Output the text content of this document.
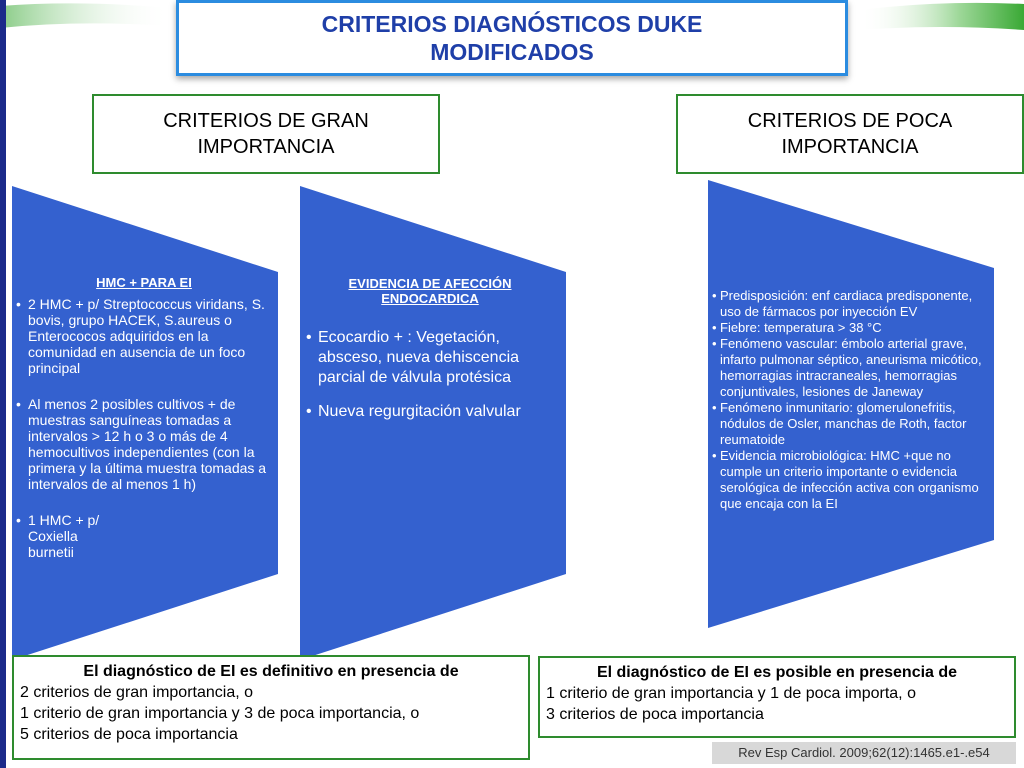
CRITERIOS DIAGNÓSTICOS DUKE MODIFICADOS
CRITERIOS DE GRAN IMPORTANCIA
CRITERIOS DE POCA IMPORTANCIA
HMC + PARA EI
• 2 HMC + p/ Streptococcus viridans, S. bovis, grupo HACEK, S.aureus o Enterococos adquiridos en la comunidad en ausencia de un foco principal
• Al menos 2 posibles cultivos + de muestras sanguíneas tomadas a intervalos > 12 h o 3 o más de 4 hemocultivos independientes (con la primera y la última muestra tomadas a intervalos de al menos 1 h)
• 1 HMC + p/ Coxiella burnetii
EVIDENCIA DE AFECCIÓN ENDOCARDICA
• Ecocardio + : Vegetación, absceso, nueva dehiscencia parcial de válvula protésica
• Nueva regurgitación valvular
• Predisposición: enf cardiaca predisponente, uso de fármacos por inyección EV
• Fiebre: temperatura > 38 °C
• Fenómeno vascular: émbolo arterial grave, infarto pulmonar séptico, aneurisma micótico, hemorragias intracraneales, hemorragias conjuntivales, lesiones de Janeway
• Fenómeno inmunitario: glomerulonefritis, nódulos de Osler, manchas de Roth, factor reumatoide
• Evidencia microbiológica: HMC +que no cumple un criterio importante o evidencia serológica de infección activa con organismo que encaja con la EI
El diagnóstico de EI es definitivo en presencia de
2 criterios de gran importancia, o
1 criterio de gran importancia y 3 de poca importancia, o
5 criterios de poca importancia
El diagnóstico de EI es posible en presencia de
1 criterio de gran importancia y 1 de poca importa, o
3 criterios de poca importancia
Rev Esp Cardiol. 2009;62(12):1465.e1-.e54
